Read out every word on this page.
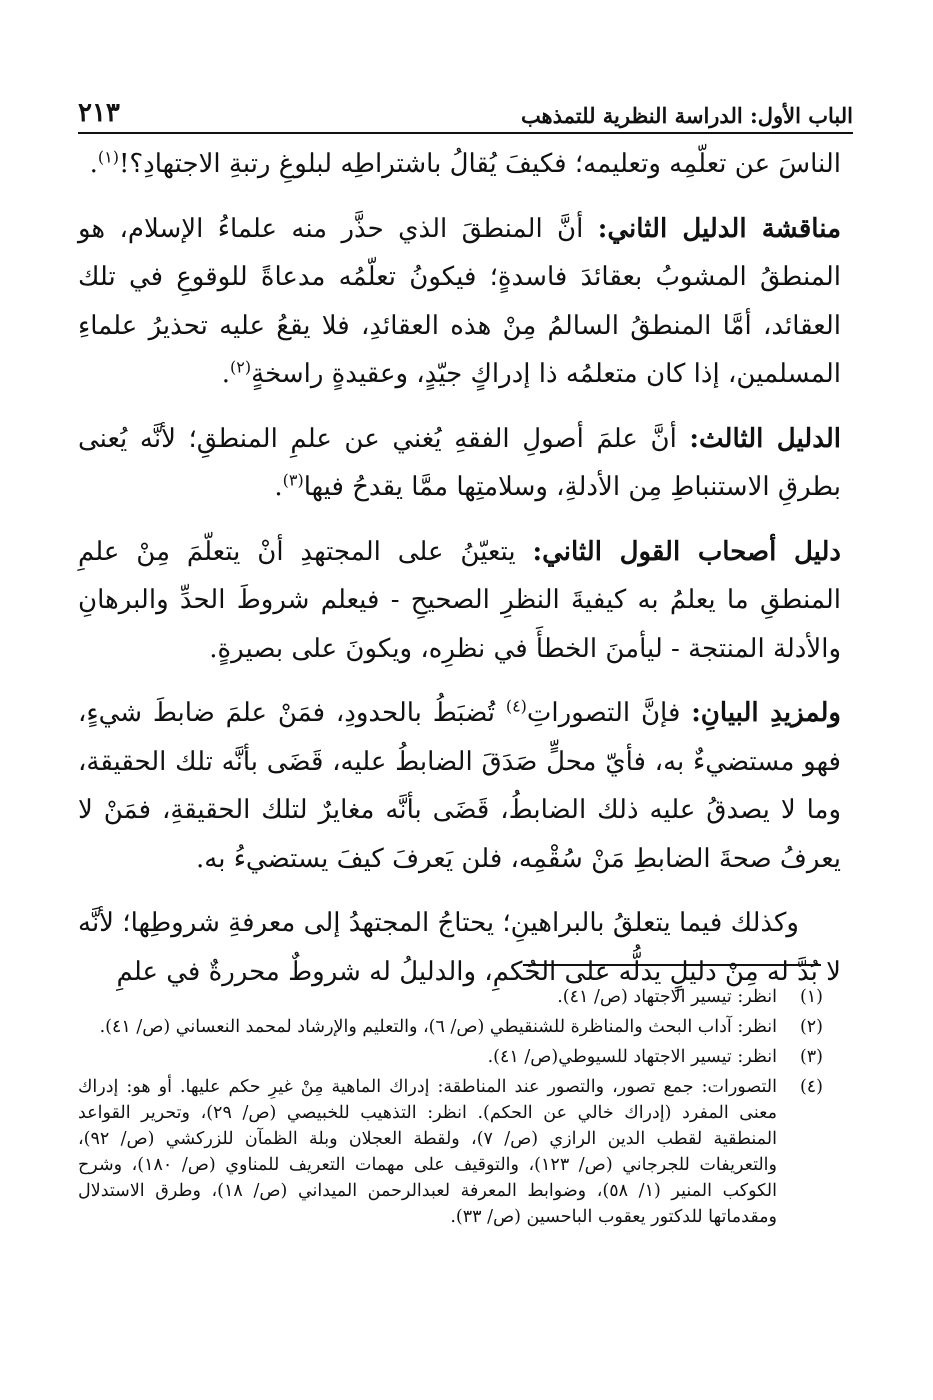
٢١٣	الباب الأول: الدراسة النظرية للتمذهب

الناسَ عن تعلّمِه وتعليمه؛ فكيفَ يُقالُ باشتراطِه لبلوغِ رتبةِ الاجتهادِ؟!$^{(١)}$.

مناقشة الدليل الثاني: أنَّ المنطقَ الذي حذَّر منه علماءُ الإسلام، هو المنطقُ المشوبُ بعقائدَ فاسدةٍ؛ فيكونُ تعلّمُه مدعاةً للوقوعِ في تلك العقائد، أمَّا المنطقُ السالمُ مِنْ هذه العقائدِ، فلا يقعُ عليه تحذيرُ علماءِ المسلمين، إذا كان متعلمُه ذا إدراكٍ جيّدٍ، وعقيدةٍ راسخةٍ$^{(٢)}$.

الدليل الثالث: أنَّ علمَ أصولِ الفقهِ يُغني عن علمِ المنطقِ؛ لأنَّه يُعنى بطرقِ الاستنباطِ مِن الأدلةِ، وسلامتِها ممَّا يقدحُ فيها$^{(٣)}$.

دليل أصحاب القول الثاني: يتعيّنُ على المجتهدِ أنْ يتعلّمَ مِنْ علمِ المنطقِ ما يعلمُ به كيفيةَ النظرِ الصحيحِ - فيعلم شروطَ الحدِّ والبرهانِ والأدلة المنتجة - ليأمنَ الخطأَ في نظرِه، ويكونَ على بصيرةٍ.

ولمزيدِ البيانِ: فإنَّ التصوراتِ$^{(٤)}$ تُضبَطُ بالحدودِ، فمَنْ علمَ ضابطَ شيءٍ، فهو مستضيءٌ به، فأيّ محلٍّ صَدَقَ الضابطُ عليه، قَضَى بأنَّه تلك الحقيقة، وما لا يصدقُ عليه ذلك الضابطُ، قَضَى بأنَّه مغايرٌ لتلك الحقيقةِ، فمَنْ لا يعرفُ صحةَ الضابطِ مَنْ سُقْمِه، فلن يَعرفَ كيفَ يستضيءُ به.

وكذلك فيما يتعلقُ بالبراهينِ؛ يحتاجُ المجتهدُ إلى معرفةِ شروطِها؛ لأنَّه لا بُدَّ له مِنْ دليلٍ يدلُّه على الحُكمِ، والدليلُ له شروطٌ محررةٌ في علمِ

(١)
انظر: تيسير الاجتهاد (ص/ ٤١).
(٢)
انظر: آداب البحث والمناظرة للشنقيطي (ص/ ٦)، والتعليم والإرشاد لمحمد النعساني (ص/ ٤١).
(٣)
انظر: تيسير الاجتهاد للسيوطي(ص/ ٤١).
(٤)
التصورات: جمع تصور، والتصور عند المناطقة: إدراك الماهية مِنْ غيرِ حكم عليها. أو هو: إدراك معنى المفرد (إدراك خالي عن الحكم). انظر: التذهيب للخبيصي (ص/ ٢٩)، وتحرير القواعد المنطقية لقطب الدين الرازي (ص/ ٧)، ولقطة العجلان وبلة الظمآن للزركشي (ص/ ٩٢)، والتعريفات للجرجاني (ص/ ١٢٣)، والتوقيف على مهمات التعريف للمناوي (ص/ ١٨٠)، وشرح الكوكب المنير (١/ ٥٨)، وضوابط المعرفة لعبدالرحمن الميداني (ص/ ١٨)، وطرق الاستدلال ومقدماتها للدكتور يعقوب الباحسين (ص/ ٣٣).
